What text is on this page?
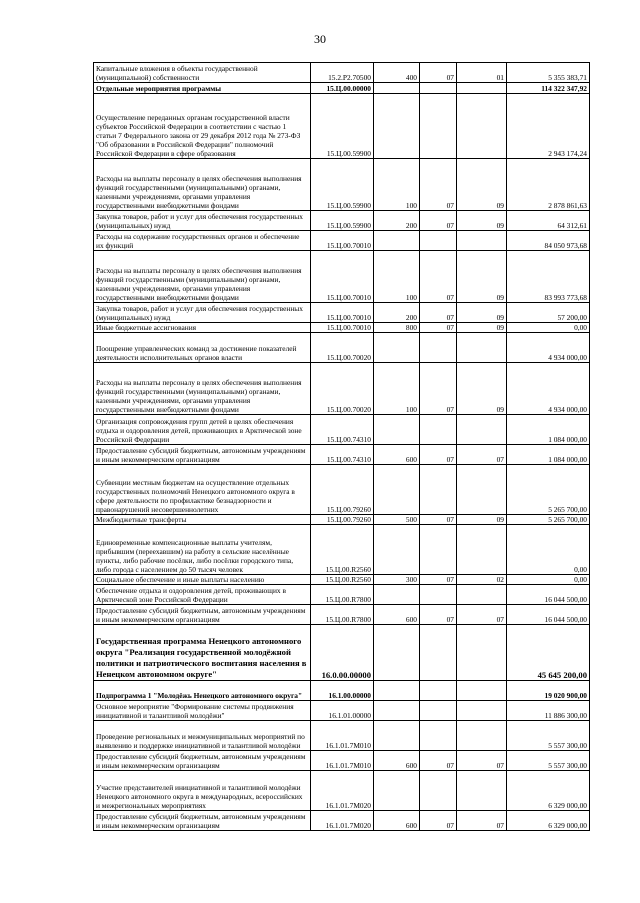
30
Капитальные вложения в объекты государственной (муниципальной) собственности	15.2.P2.70500	400	07	01	5 355 383,71
Отдельные мероприятия программы	15.Ц.00.00000				114 322 347,92
Осуществление переданных органам государственной власти субъектов Российской Федерации в соответствии с частью 1 статьи 7 Федерального закона от 29 декабря 2012 года № 273-ФЗ "Об образовании в Российской Федерации" полномочий Российской Федерации в сфере образования	15.Ц.00.59900				2 943 174,24
Расходы на выплаты персоналу в целях обеспечения выполнения функций государственными (муниципальными) органами, казенными учреждениями, органами управления государственными внебюджетными фондами	15.Ц.00.59900	100	07	09	2 878 861,63
Закупка товаров, работ и услуг для обеспечения государственных (муниципальных) нужд	15.Ц.00.59900	200	07	09	64 312,61
Расходы на содержание государственных органов и обеспечение их функций	15.Ц.00.70010				84 050 973,68
Расходы на выплаты персоналу в целях обеспечения выполнения функций государственными (муниципальными) органами, казенными учреждениями, органами управления государственными внебюджетными фондами	15.Ц.00.70010	100	07	09	83 993 773,68
Закупка товаров, работ и услуг для обеспечения государственных (муниципальных) нужд	15.Ц.00.70010	200	07	09	57 200,00
Иные бюджетные ассигнования	15.Ц.00.70010	800	07	09	0,00
Поощрение управленческих команд за достижение показателей деятельности исполнительных органов власти	15.Ц.00.70020				4 934 000,00
Расходы на выплаты персоналу в целях обеспечения выполнения функций государственными (муниципальными) органами, казенными учреждениями, органами управления государственными внебюджетными фондами	15.Ц.00.70020	100	07	09	4 934 000,00
Организация сопровождения групп детей в целях обеспечения отдыха и оздоровления детей, проживающих в Арктической зоне Российской Федерации	15.Ц.00.74310				1 084 000,00
Предоставление субсидий бюджетным, автономным учреждениям и иным некоммерческим организациям	15.Ц.00.74310	600	07	07	1 084 000,00
Субвенции местным бюджетам на осуществление отдельных государственных полномочий Ненецкого автономного округа в сфере деятельности по профилактике безнадзорности и правонарушений несовершеннолетних	15.Ц.00.79260				5 265 700,00
Межбюджетные трансферты	15.Ц.00.79260	500	07	09	5 265 700,00
Единовременные компенсационные выплаты учителям, прибывшим (переехавшим) на работу в сельские населённые пункты, либо рабочие посёлки, либо посёлки городского типа, либо города с населением до 50 тысяч человек	15.Ц.00.R2560				0,00
Социальное обеспечение и иные выплаты населению	15.Ц.00.R2560	300	07	02	0,00
Обеспечение отдыха и оздоровления детей, проживающих в Арктической зоне Российской Федерации	15.Ц.00.R7800				16 044 500,00
Предоставление субсидий бюджетным, автономным учреждениям и иным некоммерческим организациям	15.Ц.00.R7800	600	07	07	16 044 500,00
Государственная программа Ненецкого автономного округа "Реализация государственной молодёжной политики и патриотического воспитания населения в Ненецком автономном округе"	16.0.00.00000				45 645 200,00
Подпрограмма 1 "Молодёжь Ненецкого автономного округа"	16.1.00.00000				19 020 900,00
Основное мероприятие "Формирование системы продвижения инициативной и талантливой молодёжи"	16.1.01.00000				11 886 300,00
Проведение региональных и межмуниципальных мероприятий по выявлению и поддержке инициативной и талантливой молодёжи	16.1.01.7М010				5 557 300,00
Предоставление субсидий бюджетным, автономным учреждениям и иным некоммерческим организациям	16.1.01.7М010	600	07	07	5 557 300,00
Участие представителей инициативной и талантливой молодёжи Ненецкого автономного округа в международных, всероссийских и межрегиональных мероприятиях	16.1.01.7М020				6 329 000,00
Предоставление субсидий бюджетным, автономным учреждениям и иным некоммерческим организациям	16.1.01.7М020	600	07	07	6 329 000,00
